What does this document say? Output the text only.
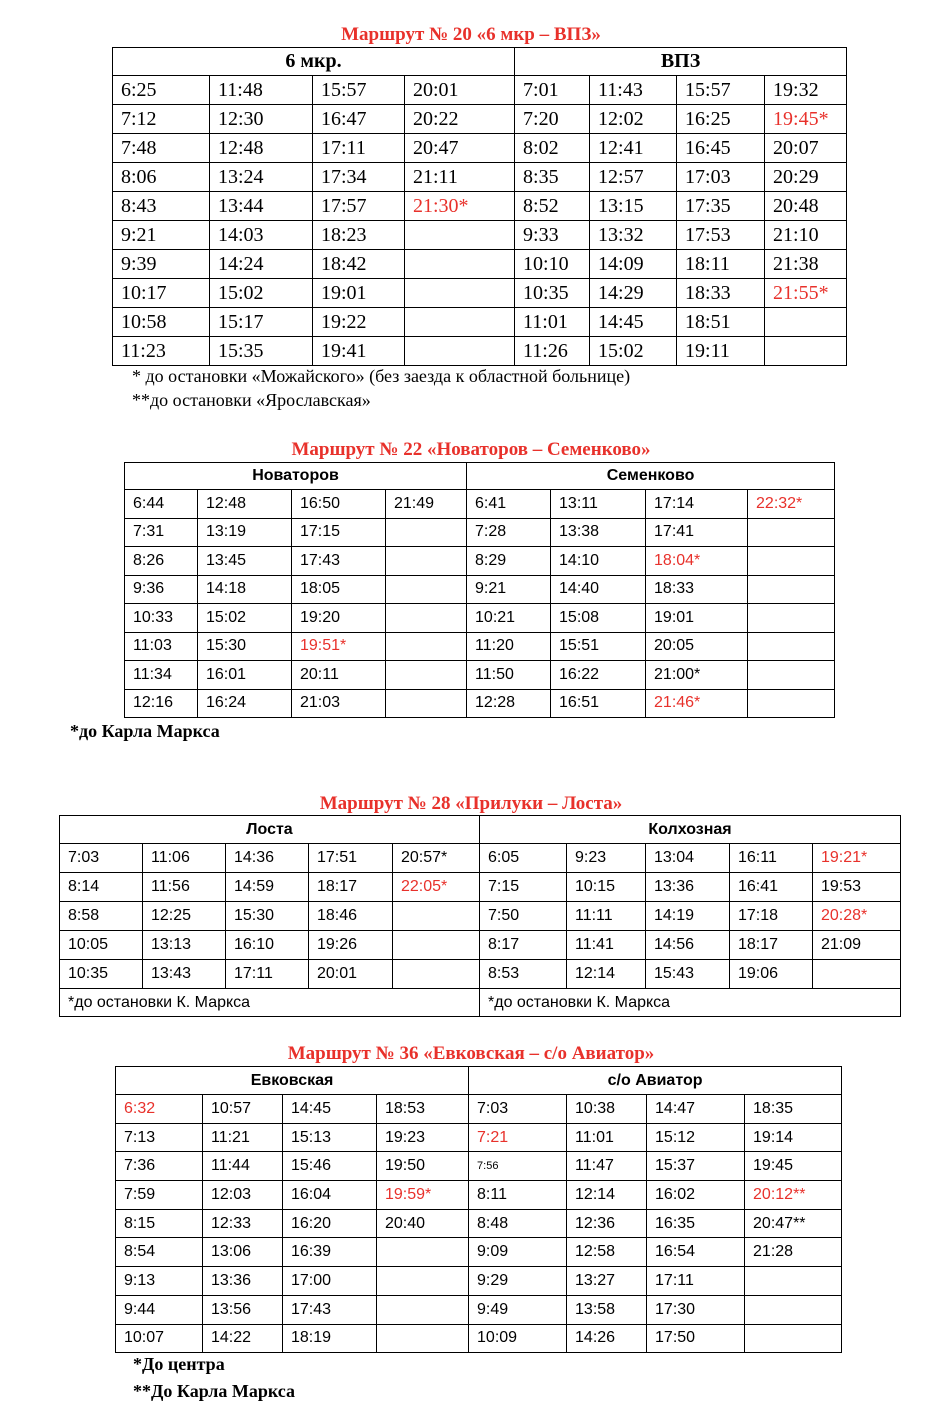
Маршрут № 20 «6 мкр – ВПЗ»
6 мкр.				ВПЗ			
6:25	11:48	15:57	20:01	7:01	11:43	15:57	19:32
7:12	12:30	16:47	20:22	7:20	12:02	16:25	19:45*
7:48	12:48	17:11	20:47	8:02	12:41	16:45	20:07
8:06	13:24	17:34	21:11	8:35	12:57	17:03	20:29
8:43	13:44	17:57	21:30*	8:52	13:15	17:35	20:48
9:21	14:03	18:23		9:33	13:32	17:53	21:10
9:39	14:24	18:42		10:10	14:09	18:11	21:38
10:17	15:02	19:01		10:35	14:29	18:33	21:55*
10:58	15:17	19:22		11:01	14:45	18:51	
11:23	15:35	19:41		11:26	15:02	19:11	
* до остановки «Можайского» (без заезда к областной больнице)
**до остановки «Ярославская»
Маршрут № 22 «Новаторов – Семенково»
Новаторов				Семенково			
6:44	12:48	16:50	21:49	6:41	13:11	17:14	22:32*
7:31	13:19	17:15		7:28	13:38	17:41	
8:26	13:45	17:43		8:29	14:10	18:04*	
9:36	14:18	18:05		9:21	14:40	18:33	
10:33	15:02	19:20		10:21	15:08	19:01	
11:03	15:30	19:51*		11:20	15:51	20:05	
11:34	16:01	20:11		11:50	16:22	21:00*	
12:16	16:24	21:03		12:28	16:51	21:46*	
*до Карла Маркса
Маршрут № 28 «Прилуки – Лоста»
Лоста					Колхозная				
7:03	11:06	14:36	17:51	20:57*	6:05	9:23	13:04	16:11	19:21*
8:14	11:56	14:59	18:17	22:05*	7:15	10:15	13:36	16:41	19:53
8:58	12:25	15:30	18:46		7:50	11:11	14:19	17:18	20:28*
10:05	13:13	16:10	19:26		8:17	11:41	14:56	18:17	21:09
10:35	13:43	17:11	20:01		8:53	12:14	15:43	19:06	
*до остановки К. Маркса					*до остановки К. Маркса				
Маршрут № 36 «Евковская – с/о Авиатор»
Евковская				с/о Авиатор			
6:32	10:57	14:45	18:53	7:03	10:38	14:47	18:35
7:13	11:21	15:13	19:23	7:21	11:01	15:12	19:14
7:36	11:44	15:46	19:50	7:56	11:47	15:37	19:45
7:59	12:03	16:04	19:59*	8:11	12:14	16:02	20:12**
8:15	12:33	16:20	20:40	8:48	12:36	16:35	20:47**
8:54	13:06	16:39		9:09	12:58	16:54	21:28
9:13	13:36	17:00		9:29	13:27	17:11	
9:44	13:56	17:43		9:49	13:58	17:30	
10:07	14:22	18:19		10:09	14:26	17:50	
*До центра
**До Карла Маркса
